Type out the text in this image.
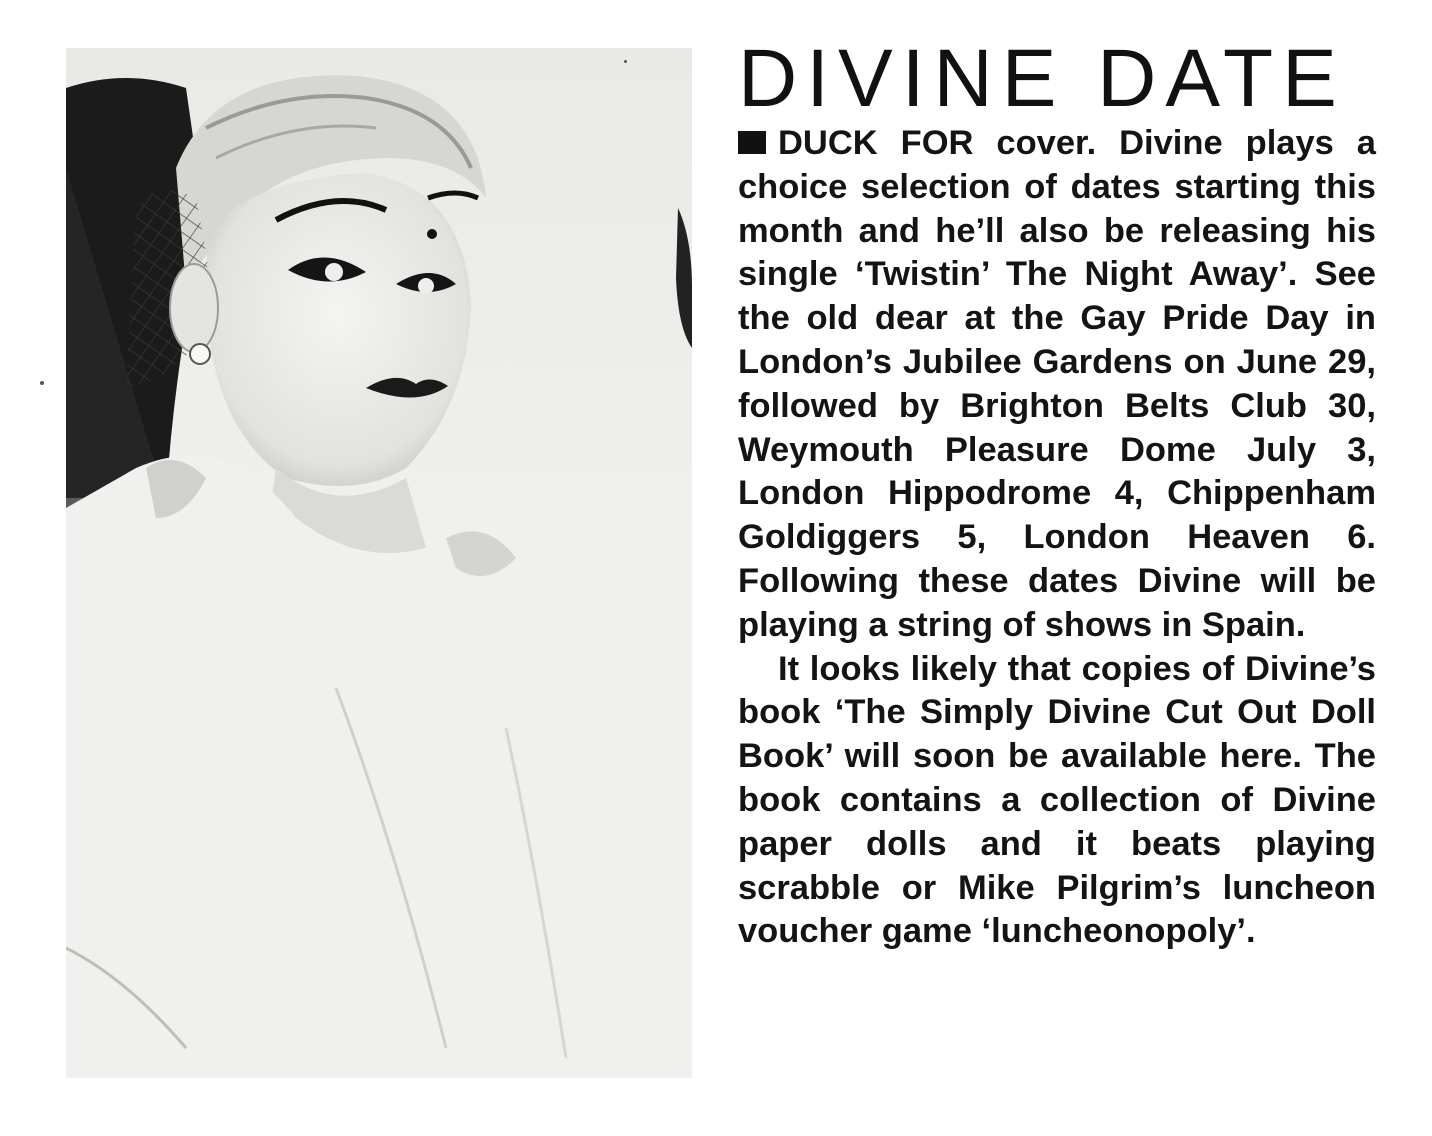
DIVINE DATE

DUCK FOR cover. Divine plays a choice selection of dates starting this month and he’ll also be releasing his single ‘Twistin’ The Night Away’. See the old dear at the Gay Pride Day in London’s Jubilee Gardens on June 29, followed by Brighton Belts Club 30, Weymouth Pleasure Dome July 3, London Hippodrome 4, Chippenham Goldiggers 5, London Heaven 6. Following these dates Divine will be playing a string of shows in Spain.

It looks likely that copies of Divine’s book ‘The Simply Divine Cut Out Doll Book’ will soon be available here. The book contains a collection of Divine paper dolls and it beats playing scrabble or Mike Pilgrim’s luncheon voucher game ‘luncheonopoly’.
